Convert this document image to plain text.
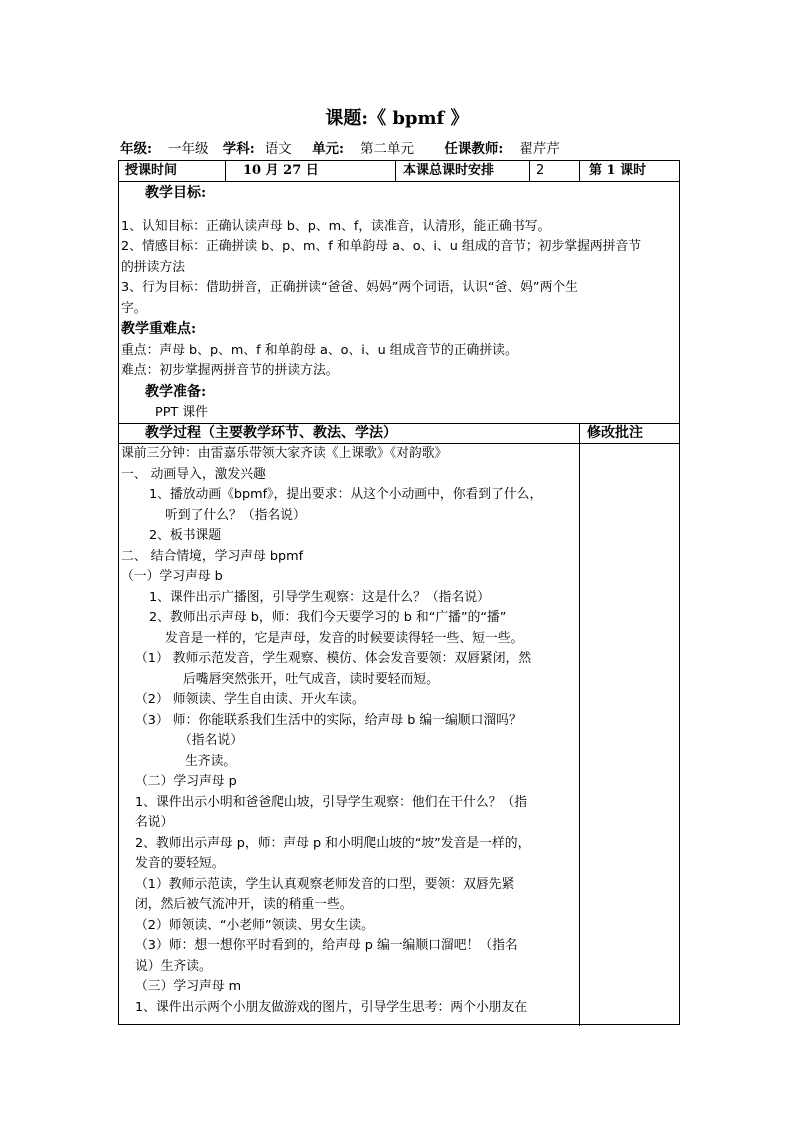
课题:《 bpmf 》
年级: 一年级 学科: 语文 单元: 第二单元 任课教师: 翟芹芹
授课时间	10 月 27 日	本课总课时安排	2	第 1 课时

教学目标:

1、认知目标：正确认读声母 b、p、m、f，读准音，认清形，能正确书写。

2、情感目标：正确拼读 b、p、m、f 和单韵母 a、o、i、u 组成的音节；初步掌握两拼音节

的拼读方法

3、行为目标：借助拼音，正确拼读“爸爸、妈妈”两个词语，认识“爸、妈”两个生

字。

教学重难点:

重点：声母 b、p、m、f 和单韵母 a、o、i、u 组成音节的正确拼读。

难点：初步掌握两拼音节的拼读方法。

教学准备:

PPT 课件

教学过程（主要教学环节、教法、学法）	修改批注

课前三分钟：由雷嘉乐带领大家齐读《上课歌》《对韵歌》

一、 动画导入，激发兴趣

1、播放动画《bpmf》，提出要求：从这个小动画中，你看到了什么，

听到了什么？（指名说）

2、板书课题

二、 结合情境，学习声母 bpmf

（一）学习声母 b

1、课件出示广播图，引导学生观察：这是什么？（指名说）

2、教师出示声母 b，师：我们今天要学习的 b 和“广播”的“播”

发音是一样的，它是声母，发音的时候要读得轻一些、短一些。

（1） 教师示范发音，学生观察、模仿、体会发音要领：双唇紧闭，然

后嘴唇突然张开，吐气成音，读时要轻而短。

（2） 师领读、学生自由读、开火车读。

（3） 师：你能联系我们生活中的实际，给声母 b 编一编顺口溜吗？

（指名说）

生齐读。

（二）学习声母 p

1、课件出示小明和爸爸爬山坡，引导学生观察：他们在干什么？（指

名说）

2、教师出示声母 p，师：声母 p 和小明爬山坡的“坡”发音是一样的，

发音的要轻短。

（1）教师示范读，学生认真观察老师发音的口型，要领：双唇先紧

闭，然后被气流冲开，读的稍重一些。

（2）师领读、“小老师”领读、男女生读。

（3）师：想一想你平时看到的，给声母 p 编一编顺口溜吧！（指名

说）生齐读。

（三）学习声母 m

1、课件出示两个小朋友做游戏的图片，引导学生思考：两个小朋友在
